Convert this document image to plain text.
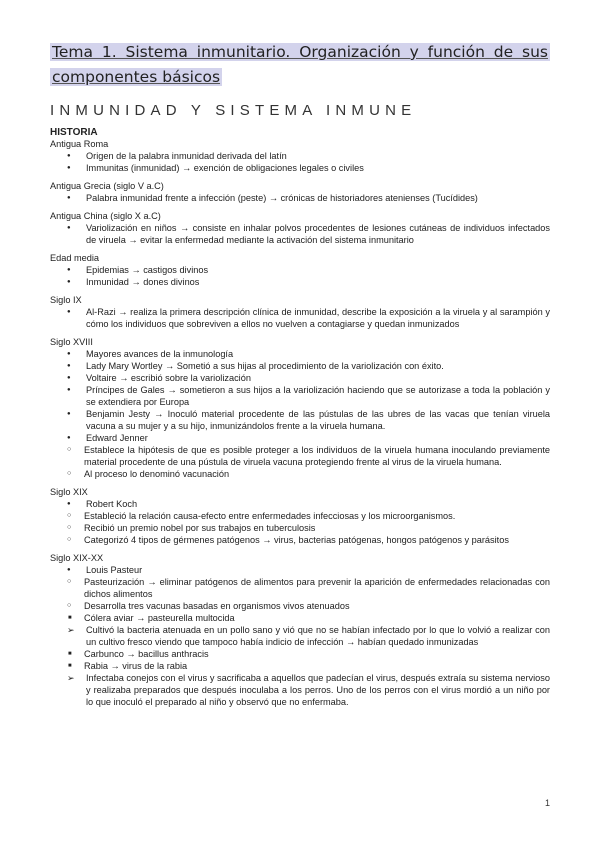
Tema 1. Sistema inmunitario. Organización y función de sus componentes básicos
INMUNIDAD Y SISTEMA INMUNE
HISTORIA
Antigua Roma
● Origen de la palabra inmunidad derivada del latín
● Immunitas (inmunidad) → exención de obligaciones legales o civiles
Antigua Grecia (siglo V a.C)
● Palabra inmunidad frente a infección (peste) → crónicas de historiadores atenienses (Tucídides)
Antigua China (siglo X a.C)
● Variolización en niños → consiste en inhalar polvos procedentes de lesiones cutáneas de individuos infectados de viruela → evitar la enfermedad mediante la activación del sistema inmunitario
Edad media
● Epidemias → castigos divinos
● Inmunidad → dones divinos
Siglo IX
● Al-Razi → realiza la primera descripción clínica de inmunidad, describe la exposición a la viruela y al sarampión y cómo los individuos que sobreviven a ellos no vuelven a contagiarse y quedan inmunizados
Siglo XVIII
● Mayores avances de la inmunología
● Lady Mary Wortley → Sometió a sus hijas al procedimiento de la variolización con éxito.
● Voltaire → escribió sobre la variolización
● Príncipes de Gales → sometieron a sus hijos a la variolización haciendo que se autorizase a toda la población y se extendiera por Europa
● Benjamin Jesty → Inoculó material procedente de las pústulas de las ubres de las vacas que tenían viruela vacuna a su mujer y a su hijo, inmunizándolos frente a la viruela humana.
● Edward Jenner
○ Establece la hipótesis de que es posible proteger a los individuos de la viruela humana inoculando previamente material procedente de una pústula de viruela vacuna protegiendo frente al virus de la viruela humana.
○ Al proceso lo denominó vacunación
Siglo XIX
● Robert Koch
○ Estableció la relación causa-efecto entre enfermedades infecciosas y los microorganismos.
○ Recibió un premio nobel por sus trabajos en tuberculosis
○ Categorizó 4 tipos de gérmenes patógenos → virus, bacterias patógenas, hongos patógenos y parásitos
Siglo XIX-XX
● Louis Pasteur
○ Pasteurización → eliminar patógenos de alimentos para prevenir la aparición de enfermedades relacionadas con dichos alimentos
○ Desarrolla tres vacunas basadas en organismos vivos atenuados
■ Cólera aviar → pasteurella multocida
➢ Cultivó la bacteria atenuada en un pollo sano y vió que no se habían infectado por lo que lo volvió a realizar con un cultivo fresco viendo que tampoco había indicio de infección → habían quedado inmunizadas
■ Carbunco → bacillus anthracis
■ Rabia → virus de la rabia
➢ Infectaba conejos con el virus y sacrificaba a aquellos que padecían el virus, después extraía su sistema nervioso y realizaba preparados que después inoculaba a los perros. Uno de los perros con el virus mordió a un niño por lo que inoculó el preparado al niño y observó que no enfermaba.
1
